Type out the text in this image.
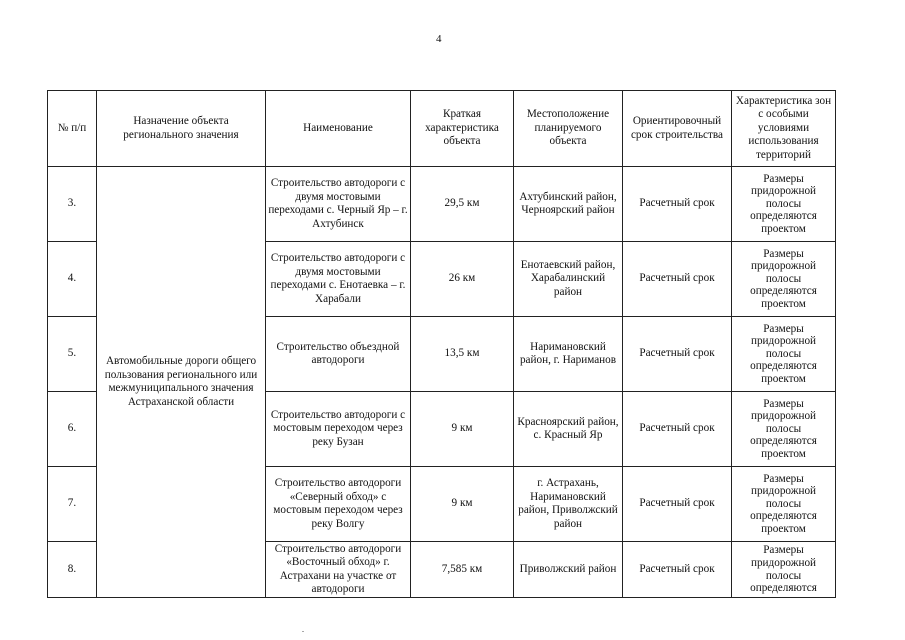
4
№ п/п	Назначение объекта регионального значения	Наименование	Краткая характеристика объекта	Местоположение планируемого объекта	Ориентировочный срок строительства	Характеристика зон с особыми условиями использования территорий
3.	Автомобильные дороги общего пользования регионального или межмуниципального значения Астраханской области	Строительство автодороги с двумя мостовыми переходами с. Черный Яр – г. Ахтубинск	29,5 км	Ахтубинский район, Черноярский район	Расчетный срок	Размеры придорожной полосы определяются проектом
4.		Строительство автодороги с двумя мостовыми переходами с. Енотаевка – г. Харабали	26 км	Енотаевский район, Харабалинский район	Расчетный срок	Размеры придорожной полосы определяются проектом
5.		Строительство объездной автодороги	13,5 км	Наримановский район, г. Нариманов	Расчетный срок	Размеры придорожной полосы определяются проектом
6.		Строительство автодороги с мостовым переходом через реку Бузан	9 км	Красноярский район, с. Красный Яр	Расчетный срок	Размеры придорожной полосы определяются проектом
7.		Строительство автодороги «Северный обход» с мостовым переходом через реку Волгу	9 км	г. Астрахань, Наримановский район, Приволжский район	Расчетный срок	Размеры придорожной полосы определяются проектом
8.		Строительство автодороги «Восточный обход» г. Астрахани на участке от автодороги	7,585 км	Приволжский район	Расчетный срок	Размеры придорожной полосы определяются
.
